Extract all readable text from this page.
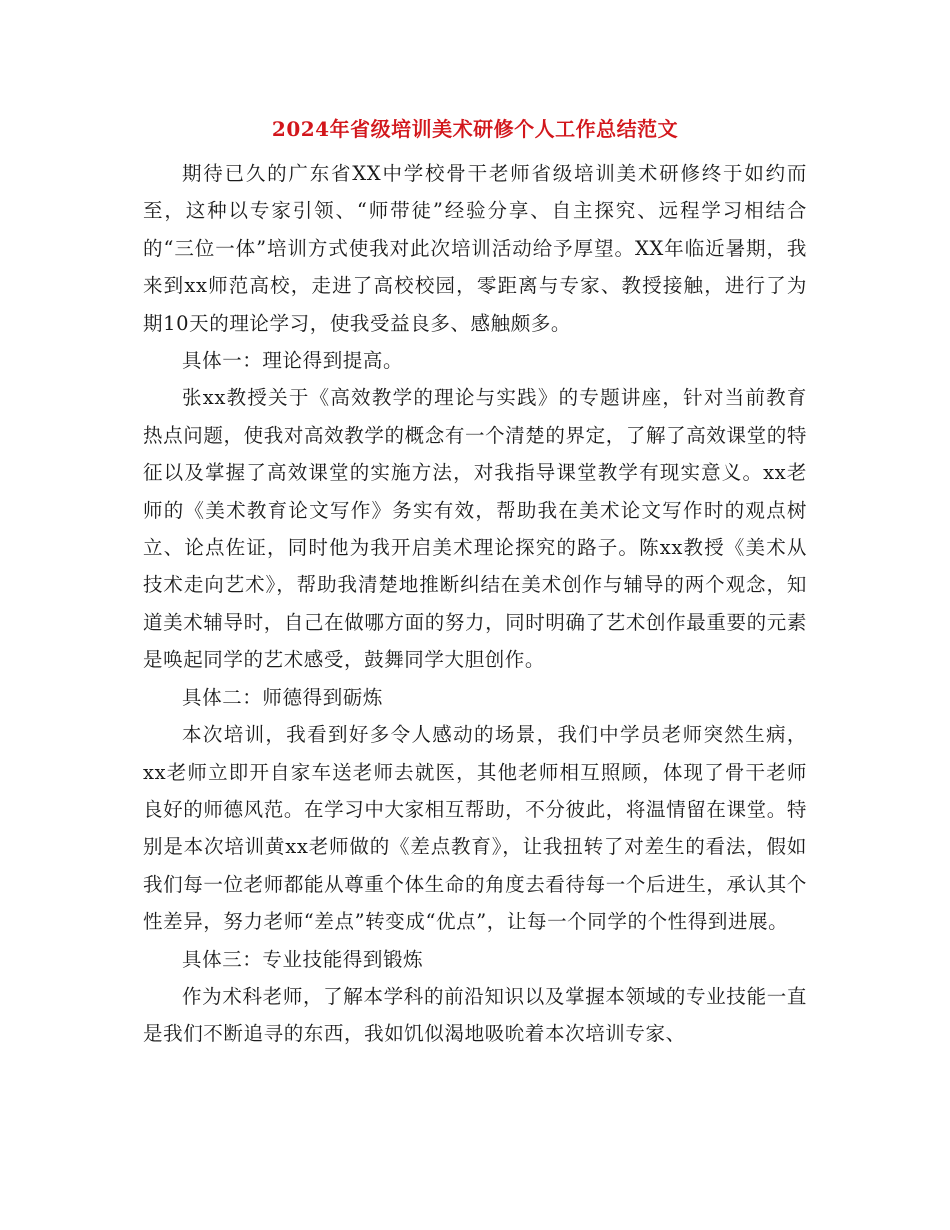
2024年省级培训美术研修个人工作总结范文

期待已久的广东省XX中学校骨干老师省级培训美术研修终于如约而至，这种以专家引领、“师带徒”经验分享、自主探究、远程学习相结合的“三位一体”培训方式使我对此次培训活动给予厚望。XX年临近暑期，我来到xx师范高校，走进了高校校园，零距离与专家、教授接触，进行了为期10天的理论学习，使我受益良多、感触颇多。

具体一：理论得到提高。

张xx教授关于《高效教学的理论与实践》的专题讲座，针对当前教育热点问题，使我对高效教学的概念有一个清楚的界定，了解了高效课堂的特征以及掌握了高效课堂的实施方法，对我指导课堂教学有现实意义。xx老师的《美术教育论文写作》务实有效，帮助我在美术论文写作时的观点树立、论点佐证，同时他为我开启美术理论探究的路子。陈xx教授《美术从技术走向艺术》，帮助我清楚地推断纠结在美术创作与辅导的两个观念，知道美术辅导时，自己在做哪方面的努力，同时明确了艺术创作最重要的元素是唤起同学的艺术感受，鼓舞同学大胆创作。

具体二：师德得到砺炼

本次培训，我看到好多令人感动的场景，我们中学员老师突然生病，xx老师立即开自家车送老师去就医，其他老师相互照顾，体现了骨干老师良好的师德风范。在学习中大家相互帮助，不分彼此，将温情留在课堂。特别是本次培训黄xx老师做的《差点教育》，让我扭转了对差生的看法，假如我们每一位老师都能从尊重个体生命的角度去看待每一个后进生，承认其个性差异，努力老师“差点”转变成“优点”，让每一个同学的个性得到进展。

具体三：专业技能得到锻炼

作为术科老师，了解本学科的前沿知识以及掌握本领域的专业技能一直是我们不断追寻的东西，我如饥似渴地吸吮着本次培训专家、
